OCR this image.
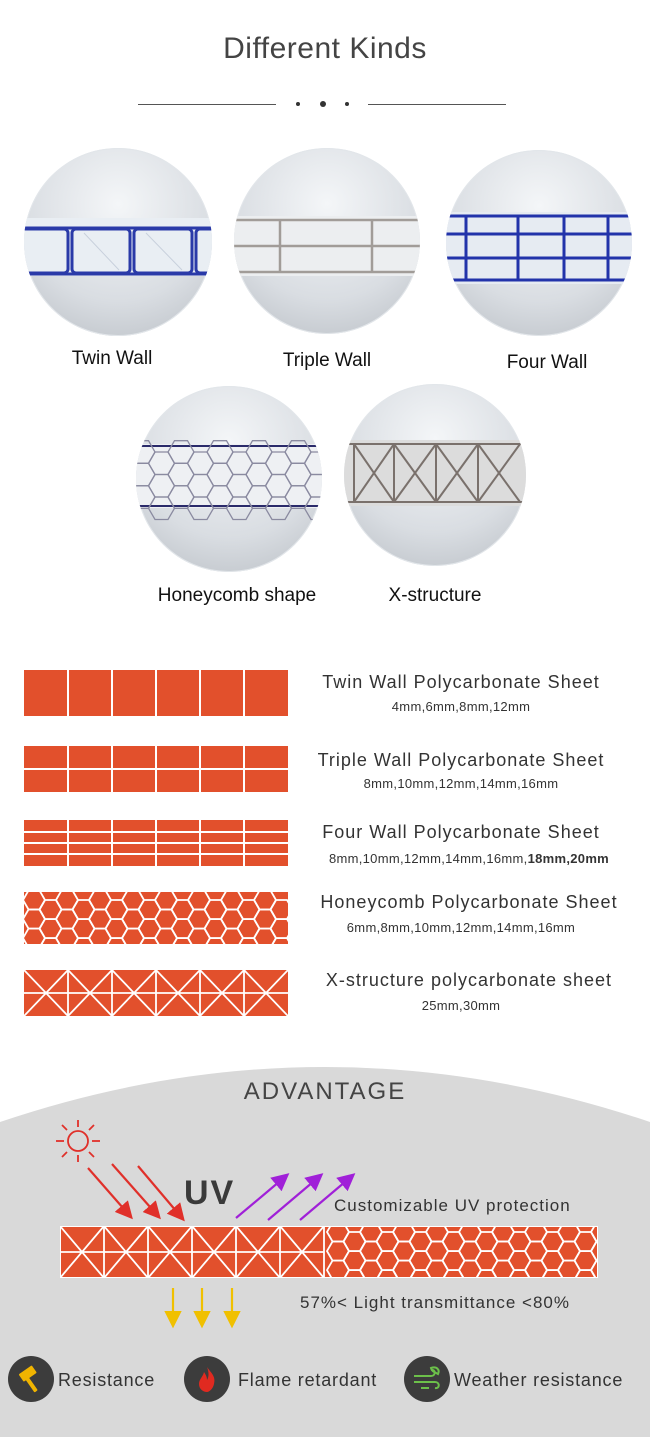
Different Kinds
Twin Wall	Triple Wall	Four Wall
Honeycomb shape	X-structure
Twin Wall Polycarbonate Sheet
4mm,6mm,8mm,12mm
Triple Wall Polycarbonate Sheet
8mm,10mm,12mm,14mm,16mm
Four Wall Polycarbonate Sheet
8mm,10mm,12mm,14mm,16mm,18mm,20mm
Honeycomb Polycarbonate Sheet
6mm,8mm,10mm,12mm,14mm,16mm
X-structure polycarbonate sheet
25mm,30mm
ADVANTAGE
UV	Customizable UV protection
57%< Light transmittance <80%
Resistance	Flame retardant	Weather resistance
